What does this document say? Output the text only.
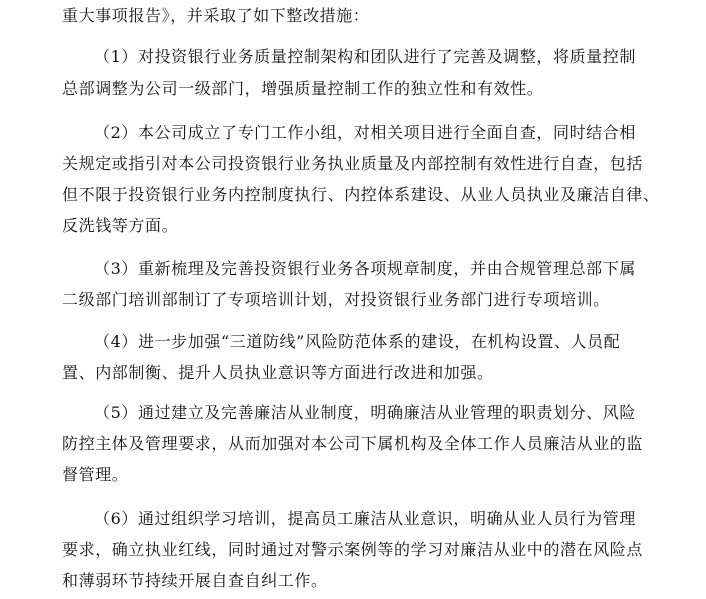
重大事项报告》，并采取了如下整改措施：
（1）对投资银行业务质量控制架构和团队进行了完善及调整，将质量控制
总部调整为公司一级部门，增强质量控制工作的独立性和有效性。
（2）本公司成立了专门工作小组，对相关项目进行全面自查，同时结合相
关规定或指引对本公司投资银行业务执业质量及内部控制有效性进行自查，包括
但不限于投资银行业务内控制度执行、内控体系建设、从业人员执业及廉洁自律、
反洗钱等方面。
（3）重新梳理及完善投资银行业务各项规章制度，并由合规管理总部下属
二级部门培训部制订了专项培训计划，对投资银行业务部门进行专项培训。
（4）进一步加强“三道防线”风险防范体系的建设，在机构设置、人员配
置、内部制衡、提升人员执业意识等方面进行改进和加强。
（5）通过建立及完善廉洁从业制度，明确廉洁从业管理的职责划分、风险
防控主体及管理要求，从而加强对本公司下属机构及全体工作人员廉洁从业的监
督管理。
（6）通过组织学习培训，提高员工廉洁从业意识，明确从业人员行为管理
要求，确立执业红线，同时通过对警示案例等的学习对廉洁从业中的潜在风险点
和薄弱环节持续开展自查自纠工作。
